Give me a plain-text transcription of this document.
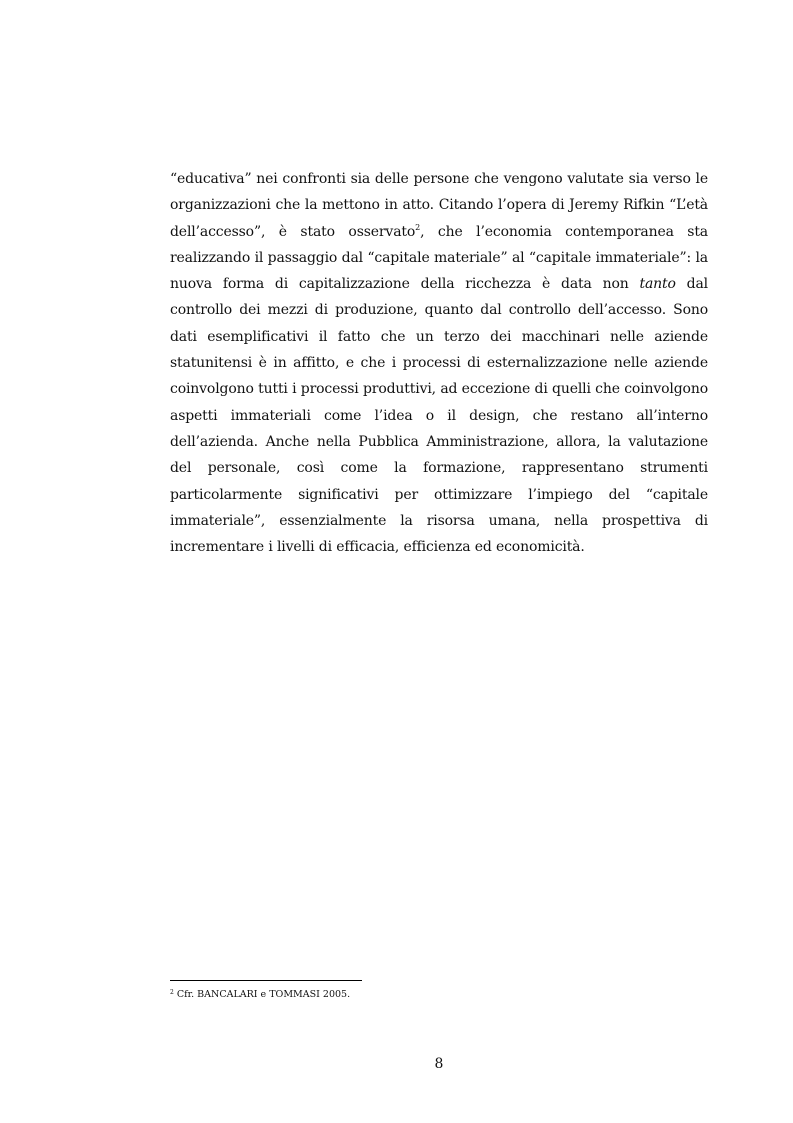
“educativa” nei confronti sia delle persone che vengono valutate sia verso le organizzazioni che la mettono in atto. Citando l’opera di Jeremy Rifkin “L’età dell’accesso”, è stato osservato$^2$, che l’economia contemporanea sta realizzando il passaggio dal “capitale materiale” al “capitale immateriale”: la nuova forma di capitalizzazione della ricchezza è data non tanto dal controllo dei mezzi di produzione, quanto dal controllo dell’accesso. Sono dati esemplificativi il fatto che un terzo dei macchinari nelle aziende statunitensi è in affitto, e che i processi di esternalizzazione nelle aziende coinvolgono tutti i processi produttivi, ad eccezione di quelli che coinvolgono aspetti immateriali come l’idea o il design, che restano all’interno dell’azienda. Anche nella Pubblica Amministrazione, allora, la valutazione del personale, così come la formazione, rappresentano strumenti particolarmente significativi per ottimizzare l’impiego del “capitale immateriale”, essenzialmente la risorsa umana, nella prospettiva di incrementare i livelli di efficacia, efficienza ed economicità.

$^2$ Cfr. BANCALARI e TOMMASI 2005.

8
